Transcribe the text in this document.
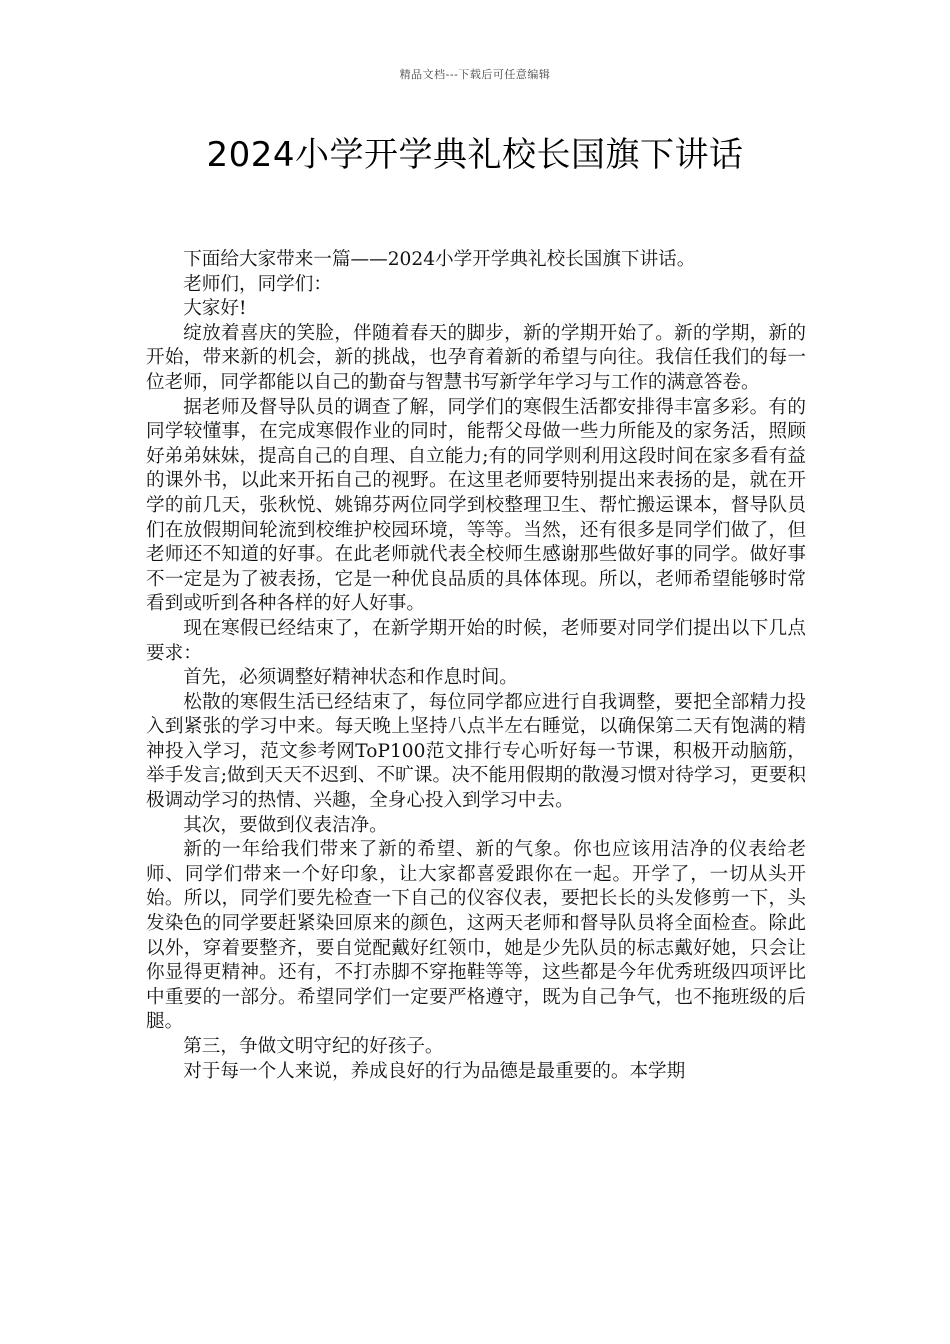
精品文档---下载后可任意编辑
2024小学开学典礼校长国旗下讲话

下面给大家带来一篇——2024小学开学典礼校长国旗下讲话。

老师们，同学们：

大家好!

绽放着喜庆的笑脸，伴随着春天的脚步，新的学期开始了。新的学期，新的开始，带来新的机会，新的挑战，也孕育着新的希望与向往。我信任我们的每一位老师，同学都能以自己的勤奋与智慧书写新学年学习与工作的满意答卷。

据老师及督导队员的调查了解，同学们的寒假生活都安排得丰富多彩。有的同学较懂事，在完成寒假作业的同时，能帮父母做一些力所能及的家务活，照顾好弟弟妹妹，提高自己的自理、自立能力;有的同学则利用这段时间在家多看有益的课外书，以此来开拓自己的视野。在这里老师要特别提出来表扬的是，就在开学的前几天，张秋悦、姚锦芬两位同学到校整理卫生、帮忙搬运课本，督导队员们在放假期间轮流到校维护校园环境，等等。当然，还有很多是同学们做了，但老师还不知道的好事。在此老师就代表全校师生感谢那些做好事的同学。做好事不一定是为了被表扬，它是一种优良品质的具体体现。所以，老师希望能够时常看到或听到各种各样的好人好事。

现在寒假已经结束了，在新学期开始的时候，老师要对同学们提出以下几点要求：

首先，必须调整好精神状态和作息时间。

松散的寒假生活已经结束了，每位同学都应进行自我调整，要把全部精力投入到紧张的学习中来。每天晚上坚持八点半左右睡觉，以确保第二天有饱满的精神投入学习，范文参考网ToP100范文排行专心听好每一节课，积极开动脑筋，举手发言;做到天天不迟到、不旷课。决不能用假期的散漫习惯对待学习，更要积极调动学习的热情、兴趣，全身心投入到学习中去。

其次，要做到仪表洁净。

新的一年给我们带来了新的希望、新的气象。你也应该用洁净的仪表给老师、同学们带来一个好印象，让大家都喜爱跟你在一起。开学了，一切从头开始。所以，同学们要先检查一下自己的仪容仪表，要把长长的头发修剪一下，头发染色的同学要赶紧染回原来的颜色，这两天老师和督导队员将全面检查。除此以外，穿着要整齐，要自觉配戴好红领巾，她是少先队员的标志戴好她，只会让你显得更精神。还有，不打赤脚不穿拖鞋等等，这些都是今年优秀班级四项评比中重要的一部分。希望同学们一定要严格遵守，既为自己争气，也不拖班级的后腿。

第三，争做文明守纪的好孩子。

对于每一个人来说，养成良好的行为品德是最重要的。本学期
